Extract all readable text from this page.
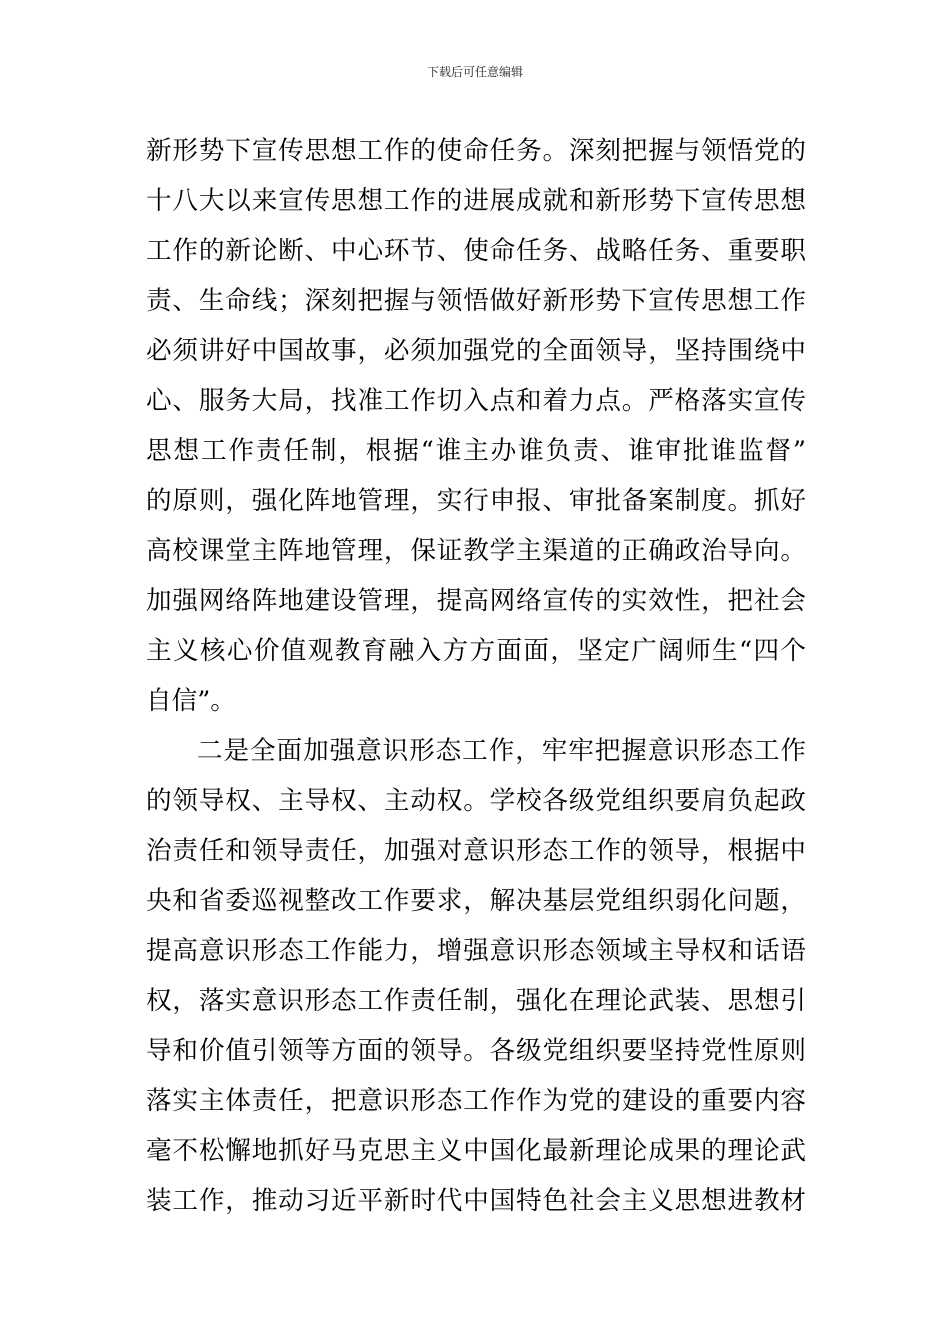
下载后可任意编辑
新形势下宣传思想工作的使命任务。深刻把握与领悟党的
十八大以来宣传思想工作的进展成就和新形势下宣传思想
工作的新论断、中心环节、使命任务、战略任务、重要职
责、生命线；深刻把握与领悟做好新形势下宣传思想工作
必须讲好中国故事，必须加强党的全面领导，坚持围绕中
心、服务大局，找准工作切入点和着力点。严格落实宣传
思想工作责任制，根据“谁主办谁负责、谁审批谁监督”
的原则，强化阵地管理，实行申报、审批备案制度。抓好
高校课堂主阵地管理，保证教学主渠道的正确政治导向。
加强网络阵地建设管理，提高网络宣传的实效性，把社会
主义核心价值观教育融入方方面面，坚定广阔师生“四个
自信”。
二是全面加强意识形态工作，牢牢把握意识形态工作
的领导权、主导权、主动权。学校各级党组织要肩负起政
治责任和领导责任，加强对意识形态工作的领导，根据中
央和省委巡视整改工作要求，解决基层党组织弱化问题，
提高意识形态工作能力，增强意识形态领域主导权和话语
权，落实意识形态工作责任制，强化在理论武装、思想引
导和价值引领等方面的领导。各级党组织要坚持党性原则
落实主体责任，把意识形态工作作为党的建设的重要内容
毫不松懈地抓好马克思主义中国化最新理论成果的理论武
装工作，推动习近平新时代中国特色社会主义思想进教材
